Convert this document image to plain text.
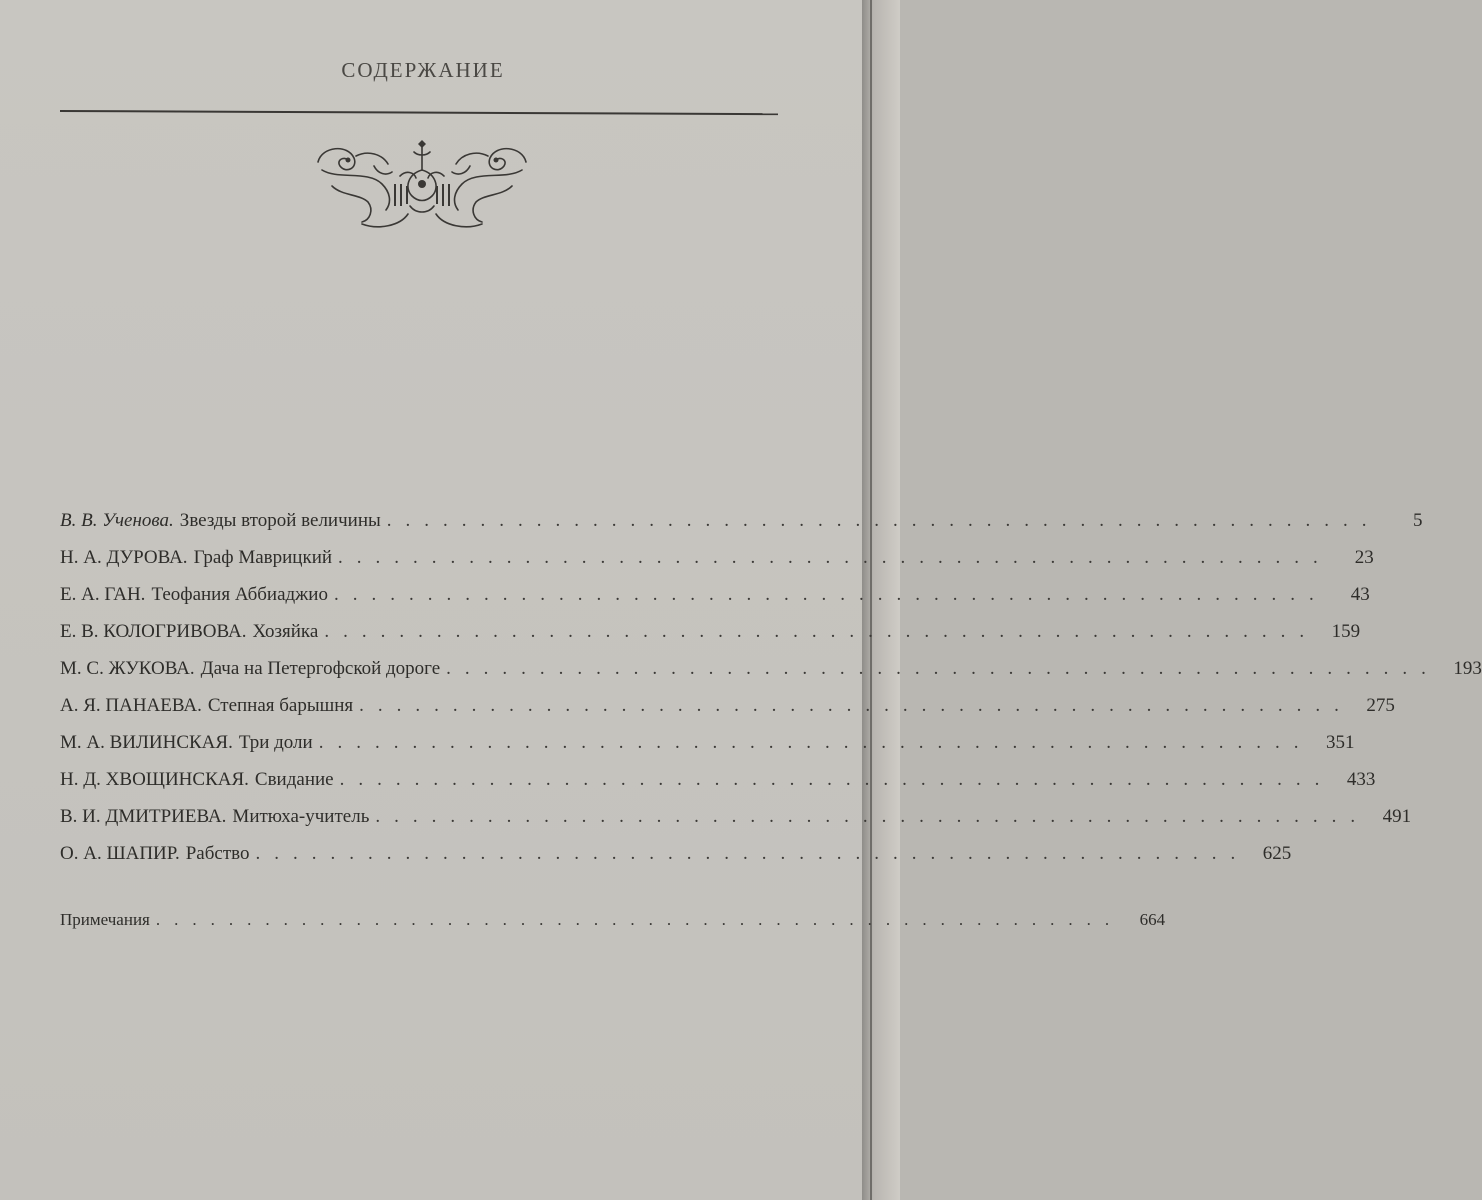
СОДЕРЖАНИЕ
В. В. Ученова. Звезды второй величины .....................................................	5
Н. А. ДУРОВА. Граф Маврицкий .....................................................	23
Е. А. ГАН. Теофания Аббиаджио .....................................................	43
Е. В. КОЛОГРИВОВА. Хозяйка ..................................................... 159
М. С. ЖУКОВА. Дача на Петергофской дороге ..................................................... 193
А. Я. ПАНАЕВА. Степная барышня ..................................................... 275
М. А. ВИЛИНСКАЯ. Три доли ..................................................... 351
Н. Д. ХВОЩИНСКАЯ. Свидание ..................................................... 433
В. И. ДМИТРИЕВА. Митюха-учитель ..................................................... 491
О. А. ШАПИР. Рабство ..................................................... 625
Примечания ..................................................... 664
